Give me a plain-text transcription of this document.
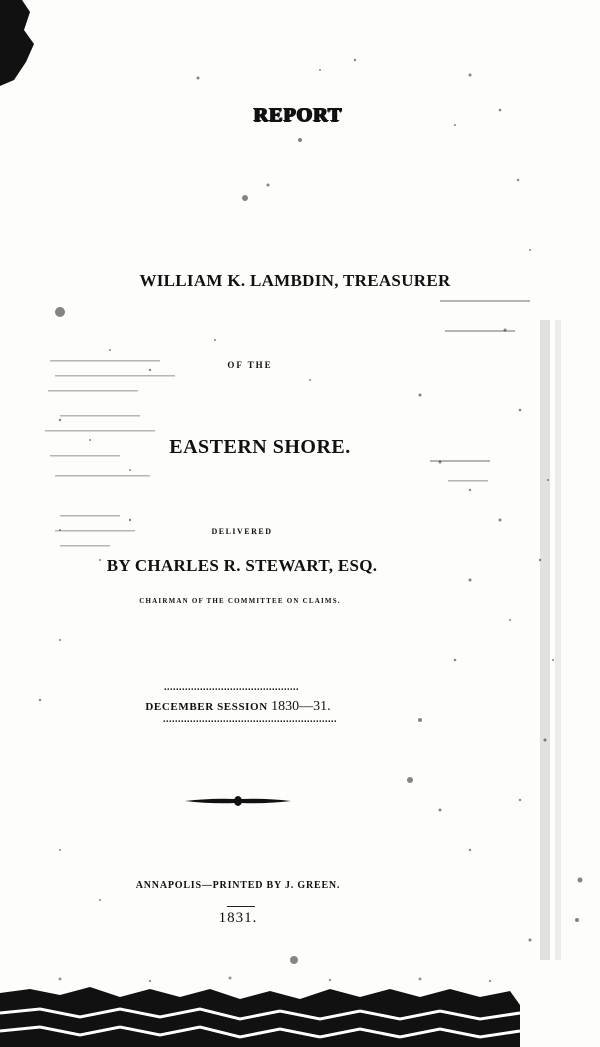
REPORT
WILLIAM K. LAMBDIN, TREASURER
OF THE
EASTERN SHORE.
DELIVERED
BY CHARLES R. STEWART, ESQ.
CHAIRMAN OF THE COMMITTEE ON CLAIMS.
.............................................
DECEMBER SESSION 1830—31.
..........................................................
ANNAPOLIS—PRINTED BY J. GREEN.
1831.
